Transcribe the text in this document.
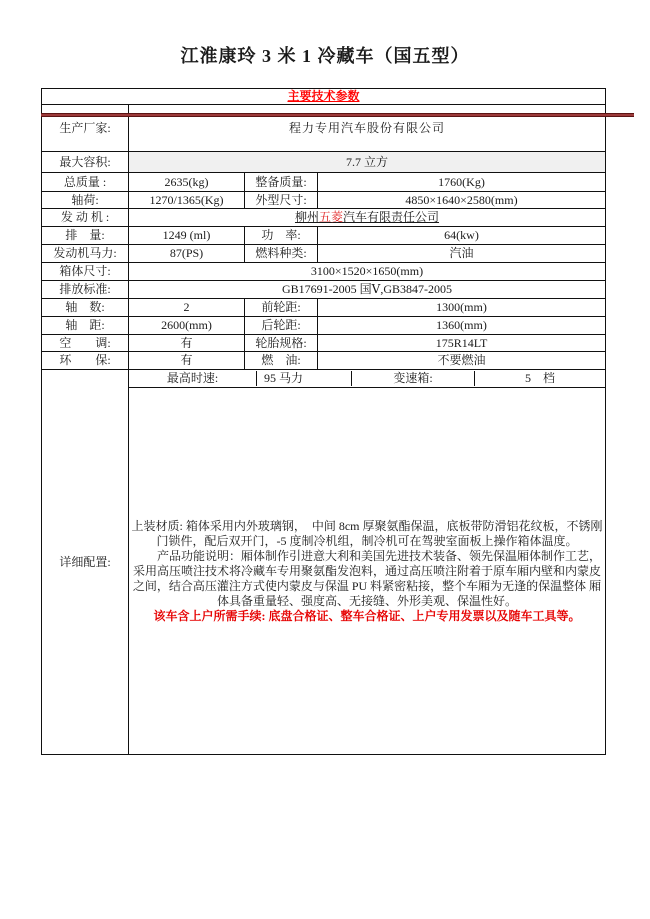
江淮康玲 3 米 1 冷藏车（国五型）
主要技术参数			
生产厂家:	程力专用汽车股份有限公司		
最大容积:	7.7 立方		
总质量 :	2635(kg)	整备质量:	1760(Kg)
轴荷:	1270/1365(Kg)	外型尺寸:	4850×1640×2580(mm)
发 动 机 :	柳州五菱汽车有限责任公司		
排　量:	1249 (ml)	功　率:	64(kw)
发动机马力:	87(PS)	燃料种类:	汽油
箱体尺寸:	3100×1520×1650(mm)		
排放标准:	GB17691-2005 国Ⅴ,GB3847-2005		
轴　数:	2	前轮距:	1300(mm)
轴　距:	2600(mm)	后轮距:	1360(mm)
空　　调:	有	轮胎规格:	175R14LT
环　　保:	有	燃　油:	不要燃油
详细配置:	最高时速: 95 马力 变速箱: 5　档		

	上装材质: 箱体采用内外玻璃钢，　中间 8cm 厚聚氨酯保温，底板带防滑铝花纹板，不锈刚门锁件，配后双开门，-5 度制冷机组，制冷机可在驾驶室面板上操作箱体温度。

产品功能说明：厢体制作引进意大利和美国先进技术装备、领先保温厢体制作工艺，采用高压喷注技术将冷藏车专用聚氨酯发泡料，通过高压喷注附着于原车厢内壁和内蒙皮之间，结合高压灌注方式使内蒙皮与保温 PU 料紧密粘接，整个车厢为无逢的保温整体 厢体具备重量轻、强度高、无接缝、外形美观、保温性好。

该车含上户所需手续: 底盘合格证、整车合格证、上户专用发票以及随车工具等。		
